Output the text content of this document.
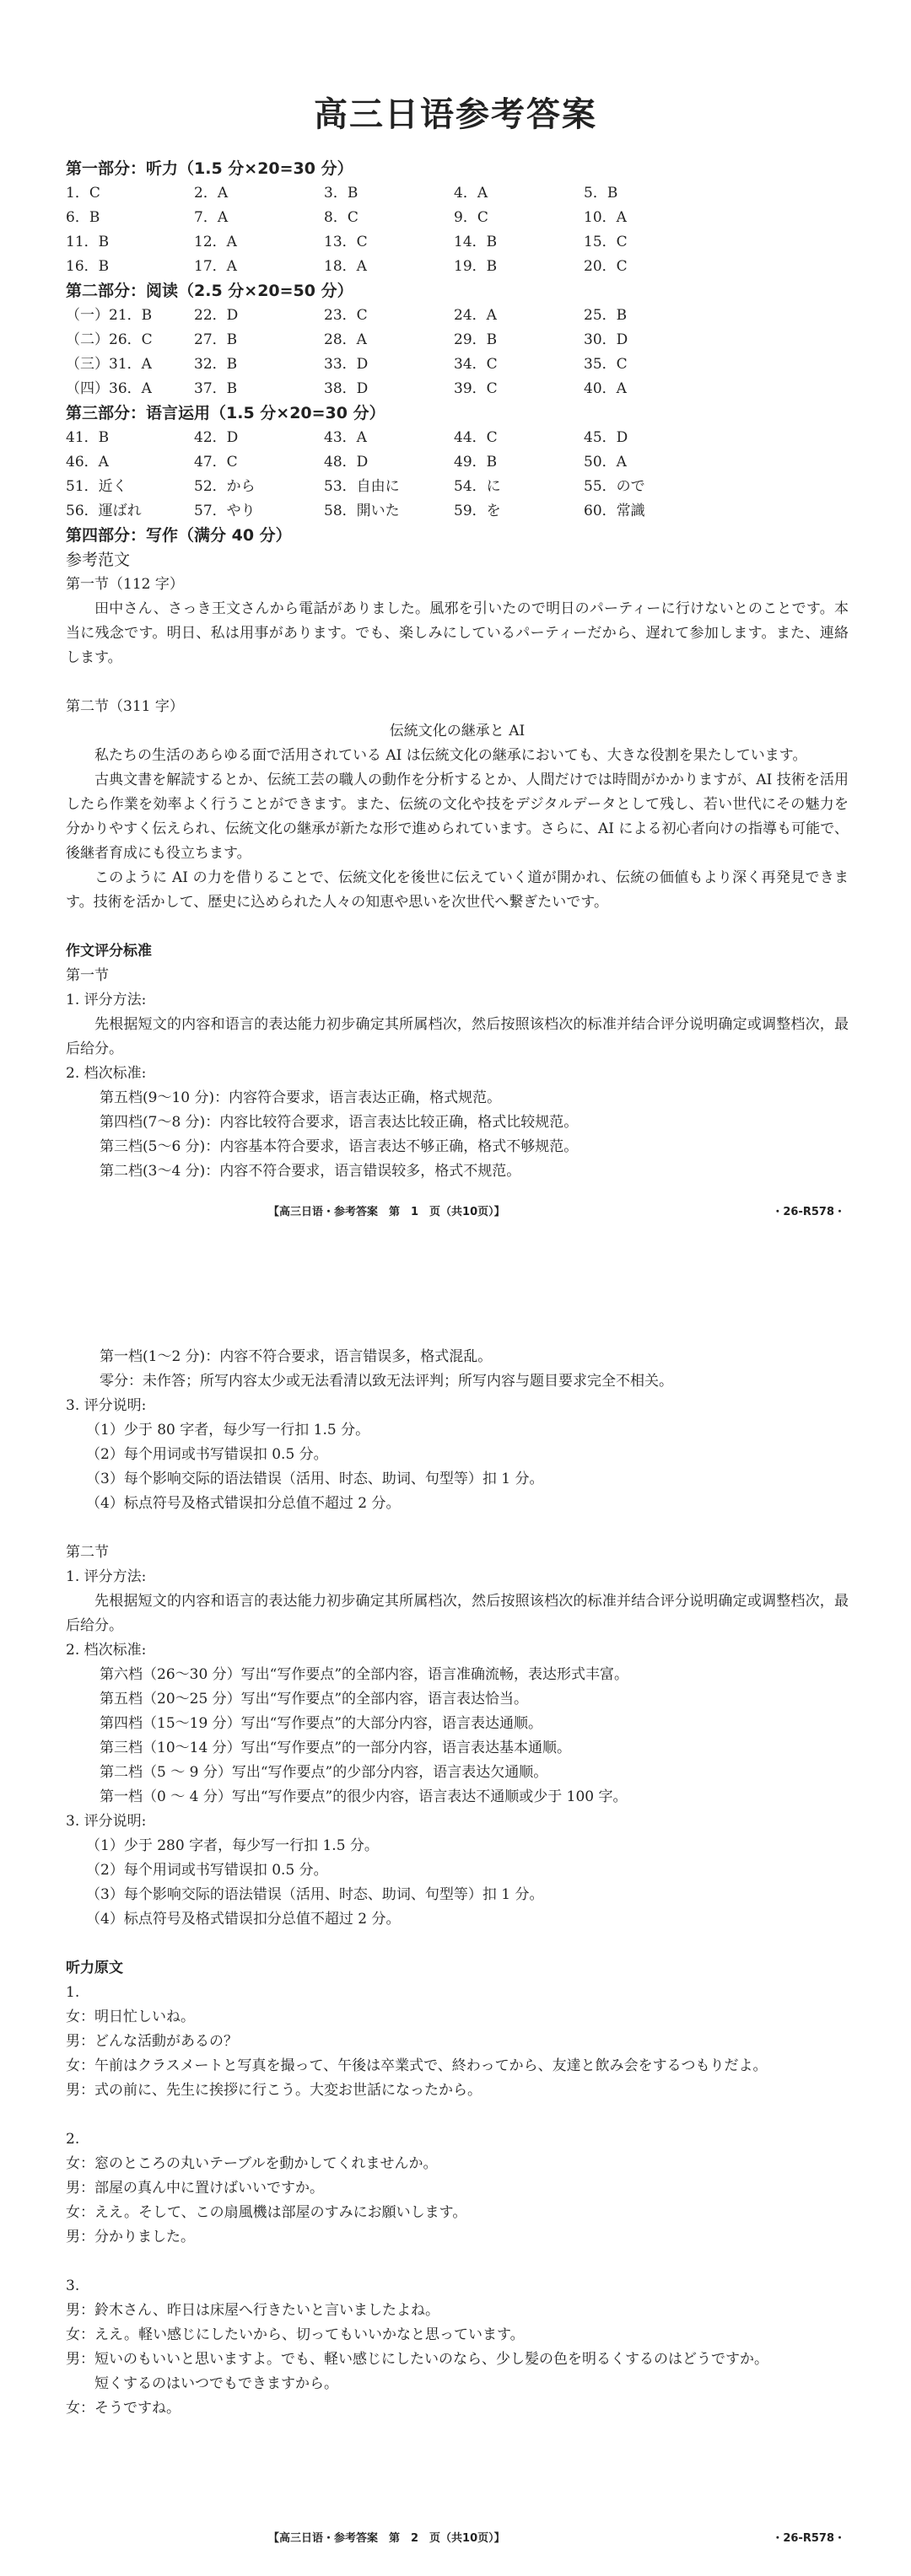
高三日语参考答案
第一部分：听力（1.5 分×20=30 分）
1．C	2．A	3．B	4．A	5．B
6．B	7．A	8．C	9．C	10．A
11．B	12．A	13．C	14．B	15．C
16．B	17．A	18．A	19．B	20．C
第二部分：阅读（2.5 分×20=50 分）
（一）21．B	22．D	23．C	24．A	25．B
（二）26．C	27．B	28．A	29．B	30．D
（三）31．A	32．B	33．D	34．C	35．C
（四）36．A	37．B	38．D	39．C	40．A
第三部分：语言运用（1.5 分×20=30 分）
41．B	42．D	43．A	44．C	45．D
46．A	47．C	48．D	49．B	50．A
51．近く	52．から	53．自由に	54．に	55．ので
56．運ばれ	57．やり	58．開いた	59．を	60．常識
第四部分：写作（满分 40 分）
参考范文
第一节（112 字）
田中さん、さっき王文さんから電話がありました。風邪を引いたので明日のパーティーに行けないとのことです。本当に残念です。明日、私は用事があります。でも、楽しみにしているパーティーだから、遅れて参加します。また、連絡します。
第二节（311 字）
伝統文化の継承と AI
私たちの生活のあらゆる面で活用されている AI は伝統文化の継承においても、大きな役割を果たしています。
古典文書を解読するとか、伝統工芸の職人の動作を分析するとか、人間だけでは時間がかかりますが、AI 技術を活用したら作業を効率よく行うことができます。また、伝統の文化や技をデジタルデータとして残し、若い世代にその魅力を分かりやすく伝えられ、伝統文化の継承が新たな形で進められています。さらに、AI による初心者向けの指導も可能で、後継者育成にも役立ちます。
このように AI の力を借りることで、伝統文化を後世に伝えていく道が開かれ、伝統の価値もより深く再発見できます。技術を活かして、歴史に込められた人々の知恵や思いを次世代へ繋ぎたいです。
作文评分标准
第一节
1. 评分方法:
先根据短文的内容和语言的表达能力初步确定其所属档次，然后按照该档次的标准并结合评分说明确定或调整档次，最后给分。
2. 档次标准:
第五档(9～10 分)：内容符合要求，语言表达正确，格式规范。
第四档(7～8 分)：内容比较符合要求，语言表达比较正确，格式比较规范。
第三档(5～6 分)：内容基本符合要求，语言表达不够正确，格式不够规范。
第二档(3～4 分)：内容不符合要求，语言错误较多，格式不规范。
【高三日语・参考答案　第　1　页（共10页）】	・26-R578・
第一档(1～2 分)：内容不符合要求，语言错误多，格式混乱。
零分：未作答；所写内容太少或无法看清以致无法评判；所写内容与题目要求完全不相关。
3. 评分说明:
（1）少于 80 字者，每少写一行扣 1.5 分。
（2）每个用词或书写错误扣 0.5 分。
（3）每个影响交际的语法错误（活用、时态、助词、句型等）扣 1 分。
（4）标点符号及格式错误扣分总值不超过 2 分。
第二节
1. 评分方法:
先根据短文的内容和语言的表达能力初步确定其所属档次，然后按照该档次的标准并结合评分说明确定或调整档次，最后给分。
2. 档次标准:
第六档（26～30 分）写出“写作要点”的全部内容，语言准确流畅，表达形式丰富。
第五档（20～25 分）写出“写作要点”的全部内容，语言表达恰当。
第四档（15～19 分）写出“写作要点”的大部分内容，语言表达通顺。
第三档（10～14 分）写出“写作要点”的一部分内容，语言表达基本通顺。
第二档（5 ～ 9 分）写出“写作要点”的少部分内容，语言表达欠通顺。
第一档（0 ～ 4 分）写出“写作要点”的很少内容，语言表达不通顺或少于 100 字。
3. 评分说明:
（1）少于 280 字者，每少写一行扣 1.5 分。
（2）每个用词或书写错误扣 0.5 分。
（3）每个影响交际的语法错误（活用、时态、助词、句型等）扣 1 分。
（4）标点符号及格式错误扣分总值不超过 2 分。
听力原文
1.
女：明日忙しいね。
男：どんな活動があるの？
女：午前はクラスメートと写真を撮って、午後は卒業式で、終わってから、友達と飲み会をするつもりだよ。
男：式の前に、先生に挨拶に行こう。大変お世話になったから。
2.
女：窓のところの丸いテーブルを動かしてくれませんか。
男：部屋の真ん中に置けばいいですか。
女：ええ。そして、この扇風機は部屋のすみにお願いします。
男：分かりました。
3.
男：鈴木さん、昨日は床屋へ行きたいと言いましたよね。
女：ええ。軽い感じにしたいから、切ってもいいかなと思っています。
男：短いのもいいと思いますよ。でも、軽い感じにしたいのなら、少し髪の色を明るくするのはどうですか。
短くするのはいつでもできますから。
女：そうですね。
【高三日语・参考答案　第　2　页（共10页）】	・26-R578・
